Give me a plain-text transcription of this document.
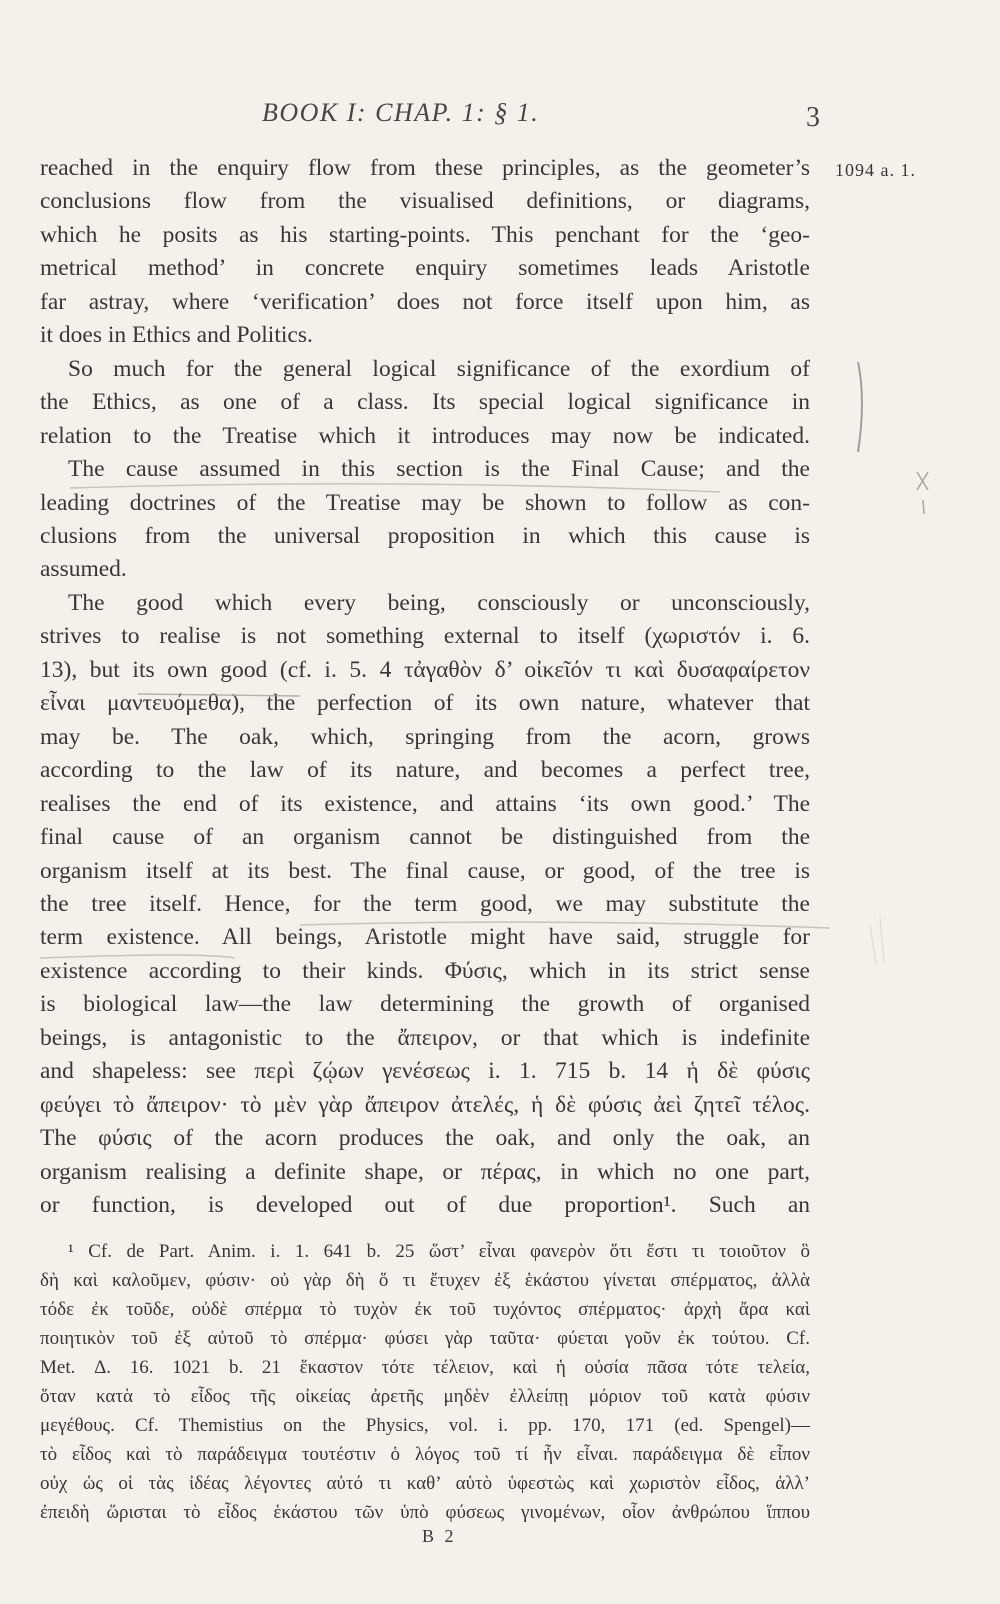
BOOK I: CHAP. 1: § 1.	3
1094 a. 1.
reached in the enquiry flow from these principles, as the geometer’s
conclusions flow from the visualised definitions, or diagrams,
which he posits as his starting-points. This penchant for the ‘geo-
metrical method’ in concrete enquiry sometimes leads Aristotle
far astray, where ‘verification’ does not force itself upon him, as
it does in Ethics and Politics.
So much for the general logical significance of the exordium of
the Ethics, as one of a class. Its special logical significance in
relation to the Treatise which it introduces may now be indicated.
The cause assumed in this section is the Final Cause; and the
leading doctrines of the Treatise may be shown to follow as con-
clusions from the universal proposition in which this cause is
assumed.
The good which every being, consciously or unconsciously,
strives to realise is not something external to itself (χωριστόν i. 6.
13), but its own good (cf. i. 5. 4 τἀγαθὸν δ’ οἰκεῖόν τι καὶ δυσαφαίρετον
εἶναι μαντευόμεθα), the perfection of its own nature, whatever that
may be. The oak, which, springing from the acorn, grows
according to the law of its nature, and becomes a perfect tree,
realises the end of its existence, and attains ‘its own good.’ The
final cause of an organism cannot be distinguished from the
organism itself at its best. The final cause, or good, of the tree is
the tree itself. Hence, for the term good, we may substitute the
term existence. All beings, Aristotle might have said, struggle for
existence according to their kinds. Φύσις, which in its strict sense
is biological law—the law determining the growth of organised
beings, is antagonistic to the ἄπειρον, or that which is indefinite
and shapeless: see περὶ ζῴων γενέσεως i. 1. 715 b. 14 ἡ δὲ φύσις
φεύγει τὸ ἄπειρον· τὸ μὲν γὰρ ἄπειρον ἀτελές, ἡ δὲ φύσις ἀεὶ ζητεῖ τέλος.
The φύσις of the acorn produces the oak, and only the oak, an
organism realising a definite shape, or πέρας, in which no one part,
or function, is developed out of due proportion¹. Such an
¹ Cf. de Part. Anim. i. 1. 641 b. 25 ὥστ’ εἶναι φανερὸν ὅτι ἔστι τι τοιοῦτον ὃ
δὴ καὶ καλοῦμεν, φύσιν· οὐ γὰρ δὴ ὅ τι ἔτυχεν ἐξ ἑκάστου γίνεται σπέρματος, ἀλλὰ
τόδε ἐκ τοῦδε, οὐδὲ σπέρμα τὸ τυχὸν ἐκ τοῦ τυχόντος σπέρματος· ἀρχὴ ἄρα καὶ
ποιητικὸν τοῦ ἐξ αὐτοῦ τὸ σπέρμα· φύσει γὰρ ταῦτα· φύεται γοῦν ἐκ τούτου. Cf.
Met. Δ. 16. 1021 b. 21 ἕκαστον τότε τέλειον, καὶ ἡ οὐσία πᾶσα τότε τελεία,
ὅταν κατὰ τὸ εἶδος τῆς οἰκείας ἀρετῆς μηδὲν ἐλλείπῃ μόριον τοῦ κατὰ φύσιν
μεγέθους. Cf. Themistius on the Physics, vol. i. pp. 170, 171 (ed. Spengel)—
τὸ εἶδος καὶ τὸ παράδειγμα τουτέστιν ὁ λόγος τοῦ τί ἦν εἶναι. παράδειγμα δὲ εἶπον
οὐχ ὡς οἱ τὰς ἰδέας λέγοντες αὐτό τι καθ’ αὑτὸ ὑφεστὼς καὶ χωριστὸν εἶδος, ἀλλ’
ἐπειδὴ ὥρισται τὸ εἶδος ἑκάστου τῶν ὑπὸ φύσεως γινομένων, οἷον ἀνθρώπου ἵππου
B 2
